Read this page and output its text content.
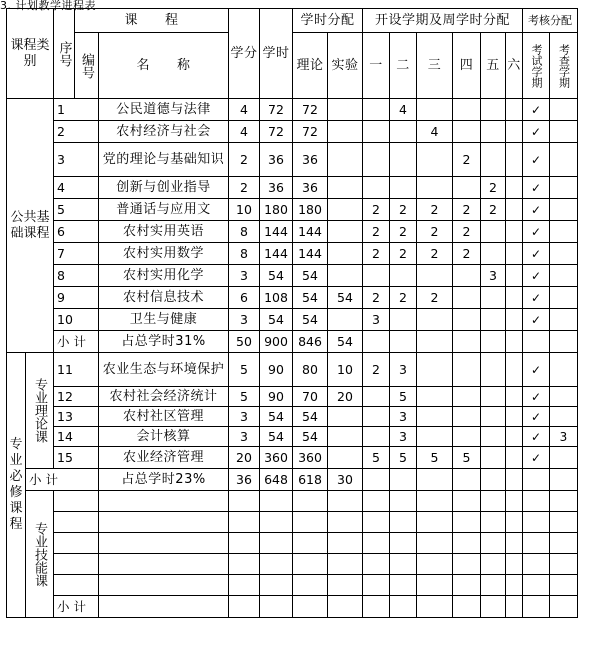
3. 计划教学进程表
课程类别		序号	课　　程		学分	学时	学时分配		开设学期及周学时分配						考核分配	
			编号	名　　称			理论	实验	一	二	三	四	五	六	考试学期	考查学期
公共基础课程		1		公民道德与法律	4	72	72			4					✓	
		2		农村经济与社会	4	72	72				4				✓	
		3		党的理论与基础知识	2	36	36					2			✓	
		4		创新与创业指导	2	36	36						2		✓	
		5		普通话与应用文	10	180	180		2	2	2	2	2		✓	
		6		农村实用英语	8	144	144		2	2	2	2			✓	
		7		农村实用数学	8	144	144		2	2	2	2			✓	
		8		农村实用化学	3	54	54						3		✓	
		9		农村信息技术	6	108	54	54	2	2	2				✓	
		10		卫生与健康	3	54	54		3						✓	
		小 计		占总学时31%	50	900	846	54								
专业必修课程	专业理论课	11		农业生态与环境保护	5	90	80	10	2	3					✓	
		12		农村社会经济统计	5	90	70	20		5					✓	
		13		农村社区管理	3	54	54			3					✓	
		14		会计核算	3	54	54			3					✓	3
		15		农业经济管理	20	360	360		5	5	5	5			✓	
	小 计			占总学时23%	36	648	618	30								
	专业技能课															

		小 计														
